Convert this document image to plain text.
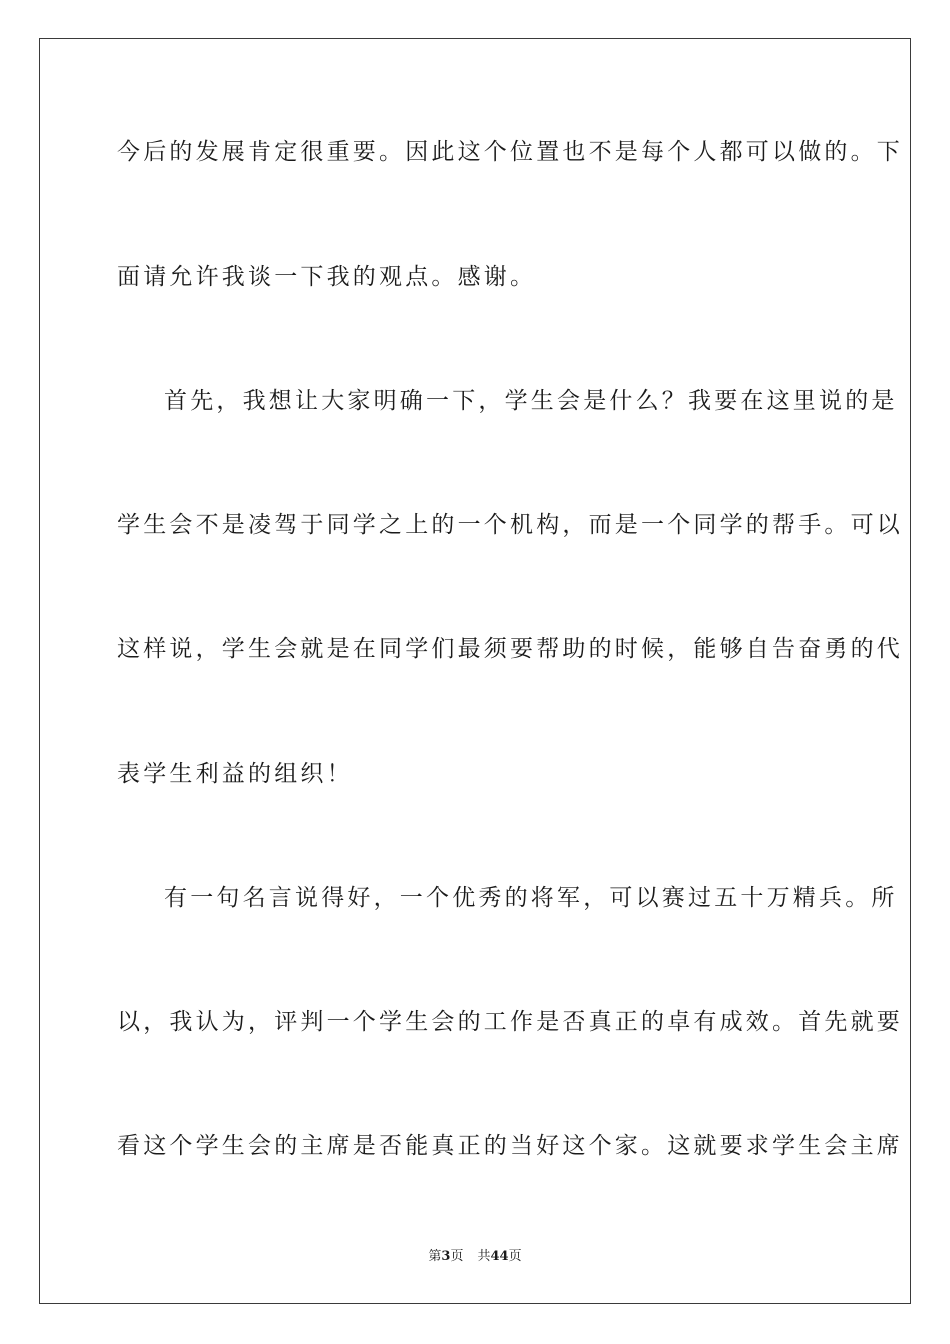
今后的发展肯定很重要。因此这个位置也不是每个人都可以做的。下
面请允许我谈一下我的观点。感谢。
首先，我想让大家明确一下，学生会是什么？我要在这里说的是
学生会不是凌驾于同学之上的一个机构，而是一个同学的帮手。可以
这样说，学生会就是在同学们最须要帮助的时候，能够自告奋勇的代
表学生利益的组织！
有一句名言说得好，一个优秀的将军，可以赛过五十万精兵。所
以，我认为，评判一个学生会的工作是否真正的卓有成效。首先就要
看这个学生会的主席是否能真正的当好这个家。这就要求学生会主席
第3页 共44页
